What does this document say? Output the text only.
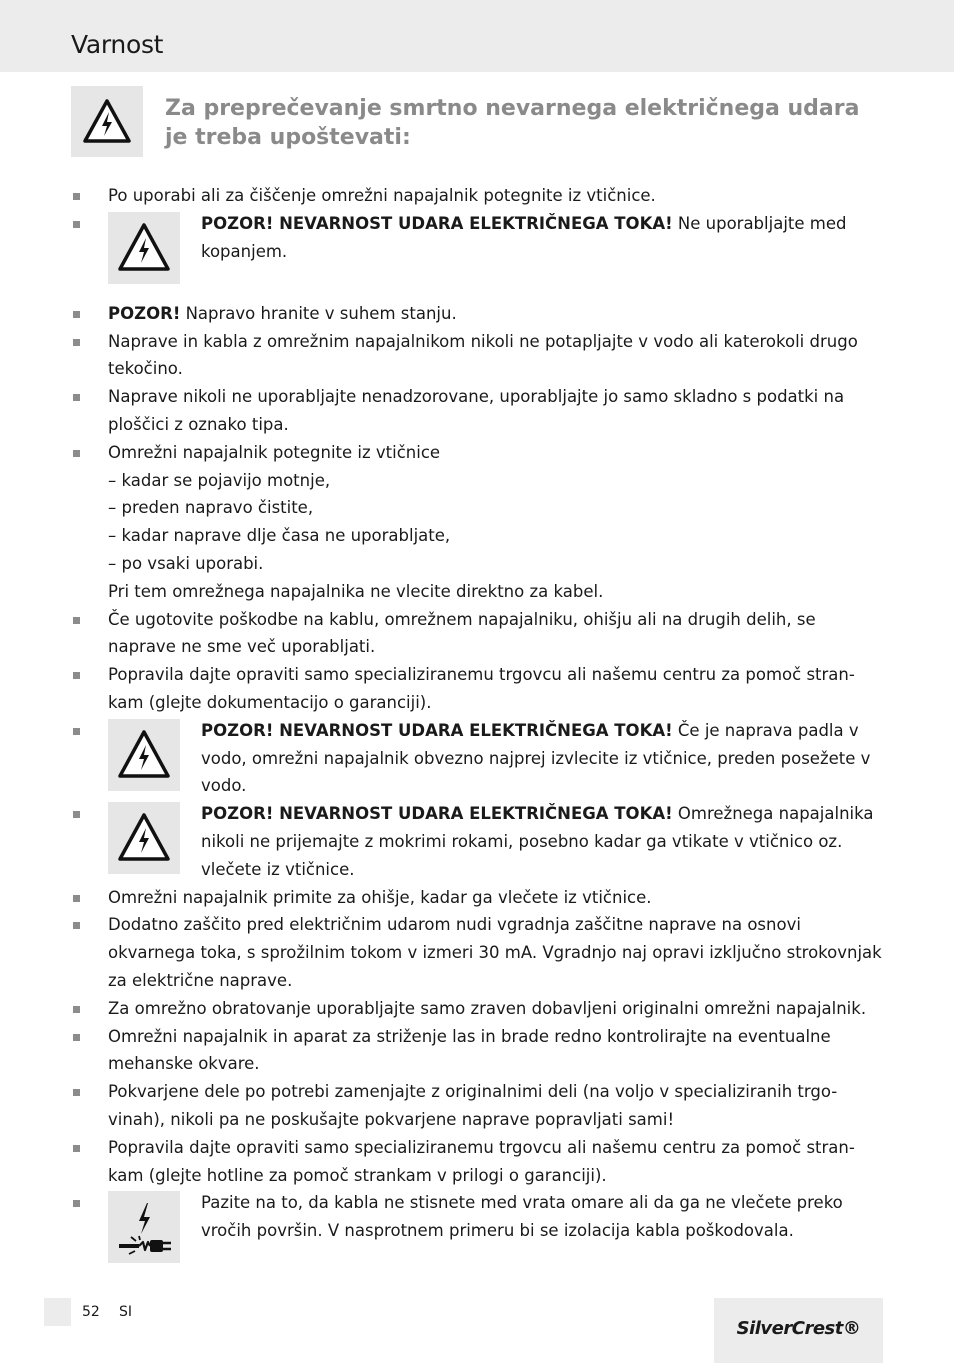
Varnost
Za preprečevanje smrtno nevarnega električnega udara je treba upoštevati:

Po uporabi ali za čiščenje omrežni napajalnik potegnite iz vtičnice.

POZOR! NEVARNOST UDARA ELEKTRIČNEGA TOKA! Ne uporabljajte med kopanjem.

POZOR! Napravo hranite v suhem stanju.

Naprave in kabla z omrežnim napajalnikom nikoli ne potapljajte v vodo ali katerokoli drugo tekočino.

Naprave nikoli ne uporabljajte nenadzorovane, uporabljajte jo samo skladno s podatki na ploščici z oznako tipa.

Omrežni napajalnik potegnite iz vtičnice
– kadar se pojavijo motnje,
– preden napravo čistite,
– kadar naprave dlje časa ne uporabljate,
– po vsaki uporabi.
Pri tem omrežnega napajalnika ne vlecite direktno za kabel.

Če ugotovite poškodbe na kablu, omrežnem napajalniku, ohišju ali na drugih delih, se naprave ne sme več uporabljati.

Popravila dajte opraviti samo specializiranemu trgovcu ali našemu centru za pomoč stran-kam (glejte dokumentacijo o garanciji).

POZOR! NEVARNOST UDARA ELEKTRIČNEGA TOKA! Če je naprava padla v vodo, omrežni napajalnik obvezno najprej izvlecite iz vtičnice, preden posežete v vodo.
POZOR! NEVARNOST UDARA ELEKTRIČNEGA TOKA! Omrežnega napajalnika nikoli ne prijemajte z mokrimi rokami, posebno kadar ga vtikate v vtičnico oz. vlečete iz vtičnice.

Omrežni napajalnik primite za ohišje, kadar ga vlečete iz vtičnice.

Dodatno zaščito pred električnim udarom nudi vgradnja zaščitne naprave na osnovi okvarnega toka, s sprožilnim tokom v izmeri 30 mA. Vgradnjo naj opravi izključno strokovnjak za električne naprave.

Za omrežno obratovanje uporabljajte samo zraven dobavljeni originalni omrežni napajalnik.

Omrežni napajalnik in aparat za striženje las in brade redno kontrolirajte na eventualne mehanske okvare.

Pokvarjene dele po potrebi zamenjajte z originalnimi deli (na voljo v specializiranih trgo-vinah), nikoli pa ne poskušajte pokvarjene naprave popravljati sami!

Popravila dajte opraviti samo specializiranemu trgovcu ali našemu centru za pomoč stran-kam (glejte hotline za pomoč strankam v prilogi o garanciji).

Pazite na to, da kabla ne stisnete med vrata omare ali da ga ne vlečete preko vročih površin. V nasprotnem primeru bi se izolacija kabla poškodovala.
52 SI
SilverCrest®
